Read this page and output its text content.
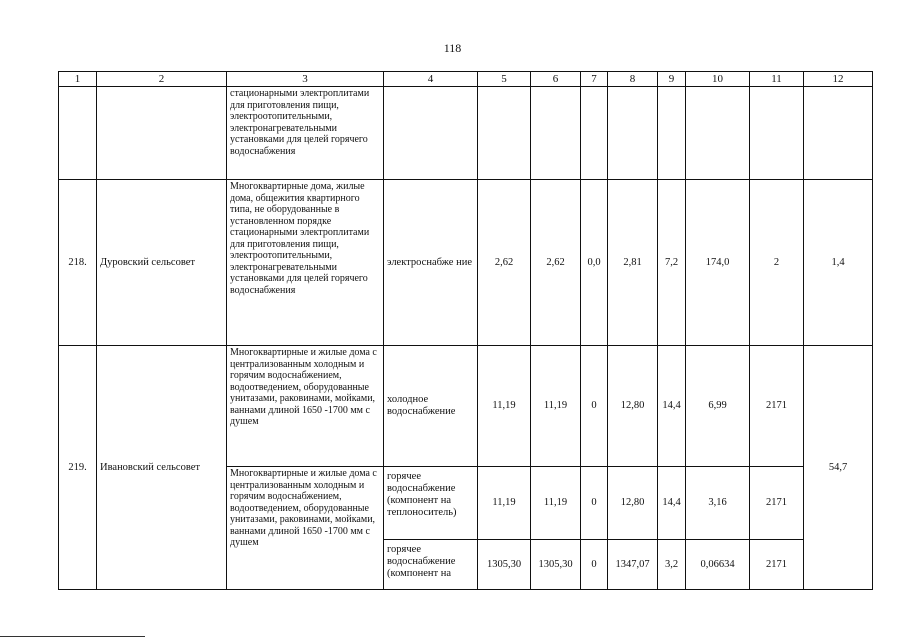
118
1	2	3	4	5	6	7	8	9	10	11	12
		стационарными электроплитами для приготовления пищи, электроотопительными, электронагревательными установками для целей горячего водоснабжения									
218.	Дуровский сельсовет	Многоквартирные дома, жилые дома, общежития квартирного типа, не оборудованные в установленном порядке стационарными электроплитами для приготовления пищи, электроотопительными, электронагревательными установками для целей горячего водоснабжения	электроснабже ние	2,62	2,62	0,0	2,81	7,2	174,0	2	1,4
219.	Ивановский сельсовет	Многоквартирные и жилые дома с централизованным холодным и горячим водоснабжением, водоотведением, оборудованные унитазами, раковинами, мойками, ваннами длиной 1650 -1700 мм с душем	холодное водоснабжение	11,19	11,19	0	12,80	14,4	6,99	2171	54,7
		Многоквартирные и жилые дома с централизованным холодным и горячим водоснабжением, водоотведением, оборудованные унитазами, раковинами, мойками, ваннами длиной 1650 -1700 мм с душем	горячее водоснабжение (компонент на теплоноситель)	11,19	11,19	0	12,80	14,4	3,16	2171	
			горячее водоснабжение (компонент на	1305,30	1305,30	0	1347,07	3,2	0,06634	2171	
